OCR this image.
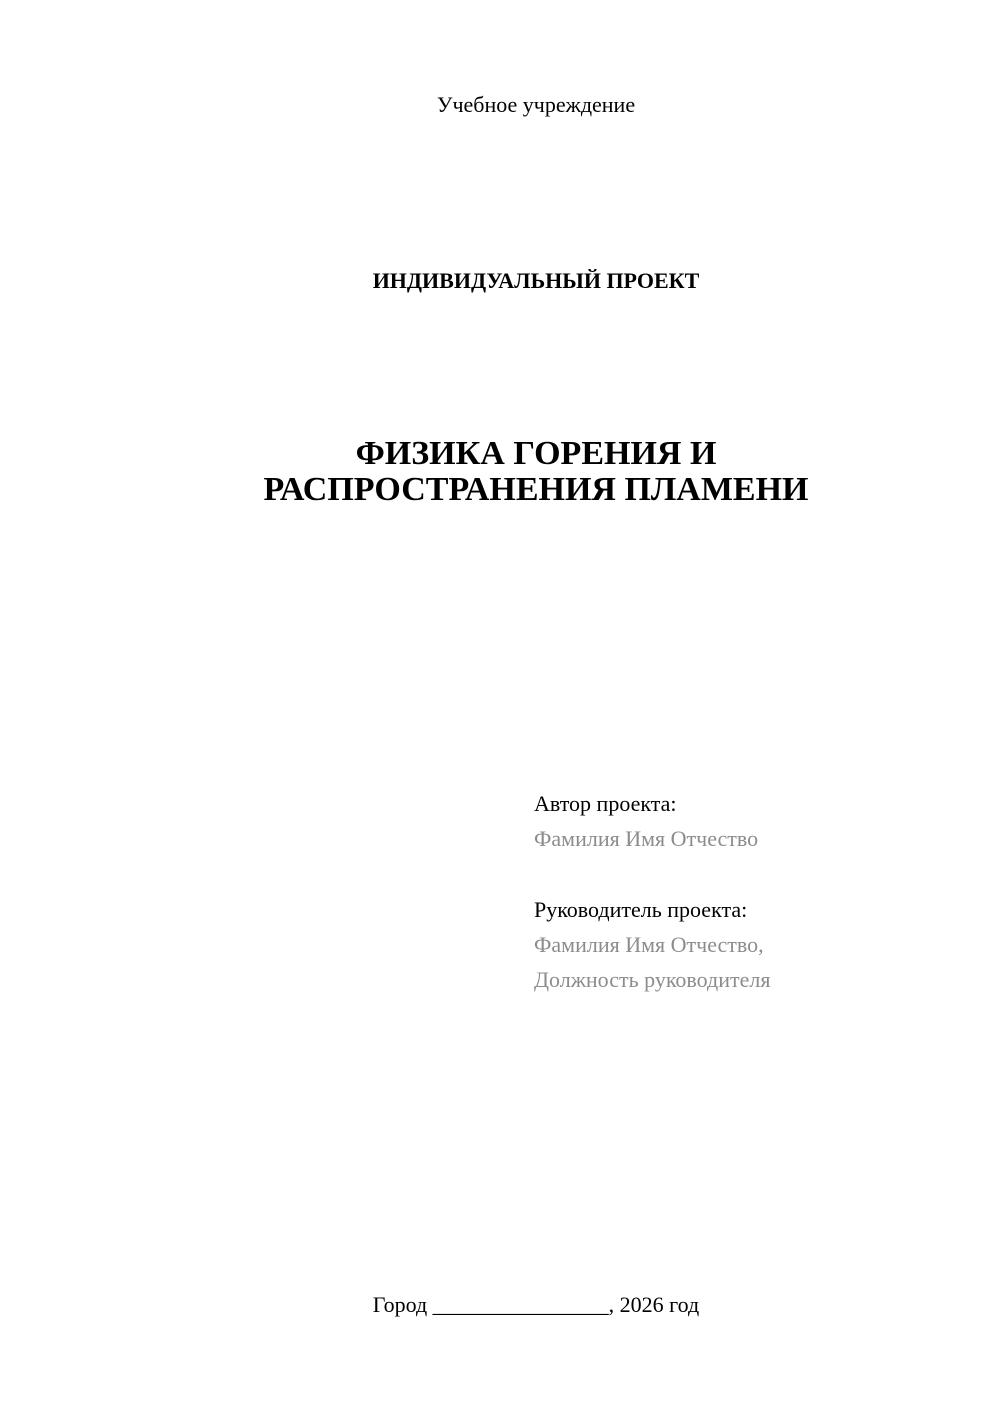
Учебное учреждение
ИНДИВИДУАЛЬНЫЙ ПРОЕКТ
ФИЗИКА ГОРЕНИЯ И
РАСПРОСТРАНЕНИЯ ПЛАМЕНИ
Автор проекта:
Фамилия Имя Отчество
Руководитель проекта:
Фамилия Имя Отчество,
Должность руководителя
Город ________________, 2026 год
